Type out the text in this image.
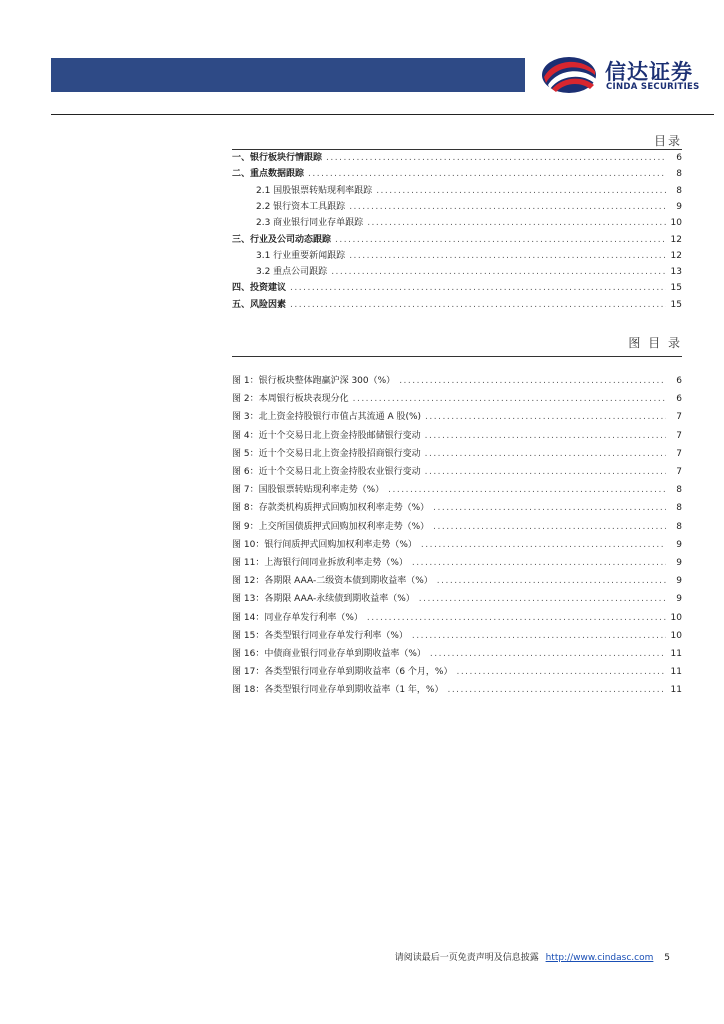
信达证券
CINDA SECURITIES
目录
一、银行板块行情跟踪 .....	6
二、重点数据跟踪 .....	8
2.1 国股银票转贴现利率跟踪 .....	8
2.2 银行资本工具跟踪 .....	9
2.3 商业银行同业存单跟踪 .....	10
三、行业及公司动态跟踪 .....	12
3.1 行业重要新闻跟踪 .....	12
3.2 重点公司跟踪 .....	13
四、投资建议 .....	15
五、风险因素 .....	15
图 目 录
图 1：银行板块整体跑赢沪深 300（%） .....	6
图 2：本周银行板块表现分化 .....	6
图 3：北上资金持股银行市值占其流通 A 股(%) .....	7
图 4：近十个交易日北上资金持股邮储银行变动 .....	7
图 5：近十个交易日北上资金持股招商银行变动 .....	7
图 6：近十个交易日北上资金持股农业银行变动 .....	7
图 7：国股银票转贴现利率走势（%） .....	8
图 8：存款类机构质押式回购加权利率走势（%） .....	8
图 9：上交所国债质押式回购加权利率走势（%） .....	8
图 10：银行间质押式回购加权利率走势（%） .....	9
图 11：上海银行间同业拆放利率走势（%） .....	9
图 12：各期限 AAA-二级资本债到期收益率（%） .....	9
图 13：各期限 AAA-永续债到期收益率（%） .....	9
图 14：同业存单发行利率（%） .....	10
图 15：各类型银行同业存单发行利率（%） .....	10
图 16：中债商业银行同业存单到期收益率（%） .....	11
图 17：各类型银行同业存单到期收益率（6 个月，%） .....	11
图 18：各类型银行同业存单到期收益率（1 年，%） .....	11
请阅读最后一页免责声明及信息披露 http://www.cindasc.com 5
